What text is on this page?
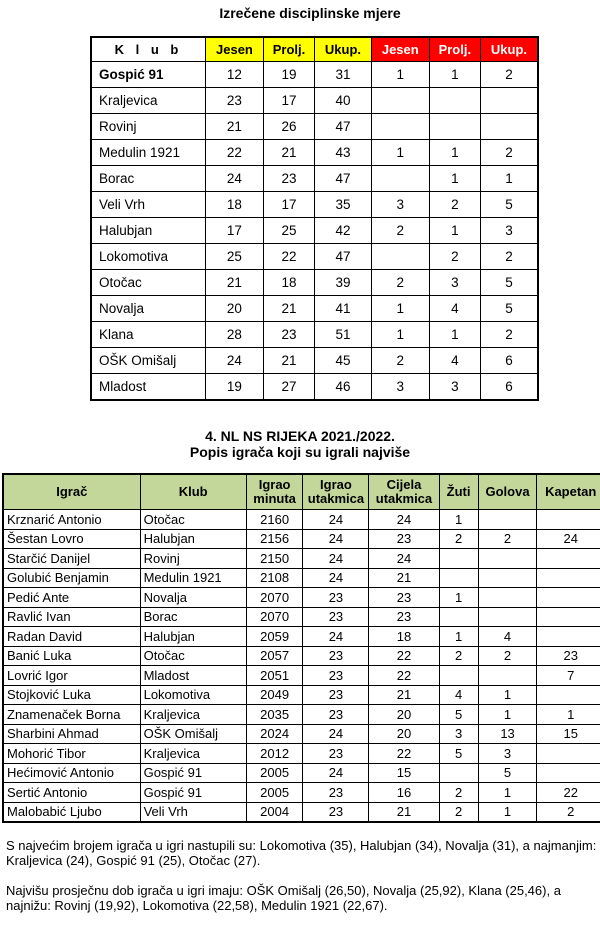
Izrečene disciplinske mjere
K l u b	Jesen	Prolj.	Ukup.	Jesen	Prolj.	Ukup.
Gospić 91	12	19	31	1	1	2
Kraljevica	23	17	40			
Rovinj	21	26	47			
Medulin 1921	22	21	43	1	1	2
Borac	24	23	47		1	1
Veli Vrh	18	17	35	3	2	5
Halubjan	17	25	42	2	1	3
Lokomotiva	25	22	47		2	2
Otočac	21	18	39	2	3	5
Novalja	20	21	41	1	4	5
Klana	28	23	51	1	1	2
OŠK Omišalj	24	21	45	2	4	6
Mladost	19	27	46	3	3	6
4. NL NS RIJEKA 2021./2022.
Popis igrača koji su igrali najviše
Igrač	Klub	Igrao minuta	Igrao utakmica	Cijela utakmica	Žuti	Golova	Kapetan
Krznarić Antonio	Otočac	2160	24	24	1		
Šestan Lovro	Halubjan	2156	24	23	2	2	24
Starčić Danijel	Rovinj	2150	24	24			
Golubić Benjamin	Medulin 1921	2108	24	21			
Pedić Ante	Novalja	2070	23	23	1		
Ravlić Ivan	Borac	2070	23	23			
Radan David	Halubjan	2059	24	18	1	4	
Banić Luka	Otočac	2057	23	22	2	2	23
Lovrić Igor	Mladost	2051	23	22			7
Stojković Luka	Lokomotiva	2049	23	21	4	1	
Znamenaček Borna	Kraljevica	2035	23	20	5	1	1
Sharbini Ahmad	OŠK Omišalj	2024	24	20	3	13	15
Mohorić Tibor	Kraljevica	2012	23	22	5	3	
Hećimović Antonio	Gospić 91	2005	24	15		5	
Sertić Antonio	Gospić 91	2005	23	16	2	1	22
Malobabić Ljubo	Veli Vrh	2004	23	21	2	1	2
S najvećim brojem igrača u igri nastupili su: Lokomotiva (35), Halubjan (34), Novalja (31), a najmanjim: Kraljevica (24), Gospić 91 (25), Otočac (27).
Najvišu prosječnu dob igrača u igri imaju: OŠK Omišalj (26,50), Novalja (25,92), Klana (25,46), a najnižu: Rovinj (19,92), Lokomotiva (22,58), Medulin 1921 (22,67).
